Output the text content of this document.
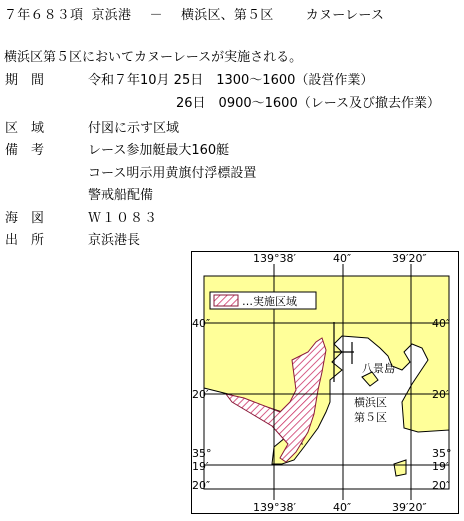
７年６８３項 京浜港 － 横浜区、第５区 カヌーレース
横浜区第５区においてカヌーレースが実施される。
期　間	令和７年10月 25日　1300～1600（設営作業）
26日　0900～1600（レース及び撤去作業）
区　域	付図に示す区域
備　考	レース参加艇最大160艇
コース明示用黄旗付浮標設置
警戒船配備
海　図	Ｗ１０８３
出　所	京浜港長
…実施区域
139°38′	40″	39′20″
139°38′	40″	39′20″
40″
20′
35°
19′
20″
40″
20′
35°
19′
20″
八景島
横浜区
第５区
